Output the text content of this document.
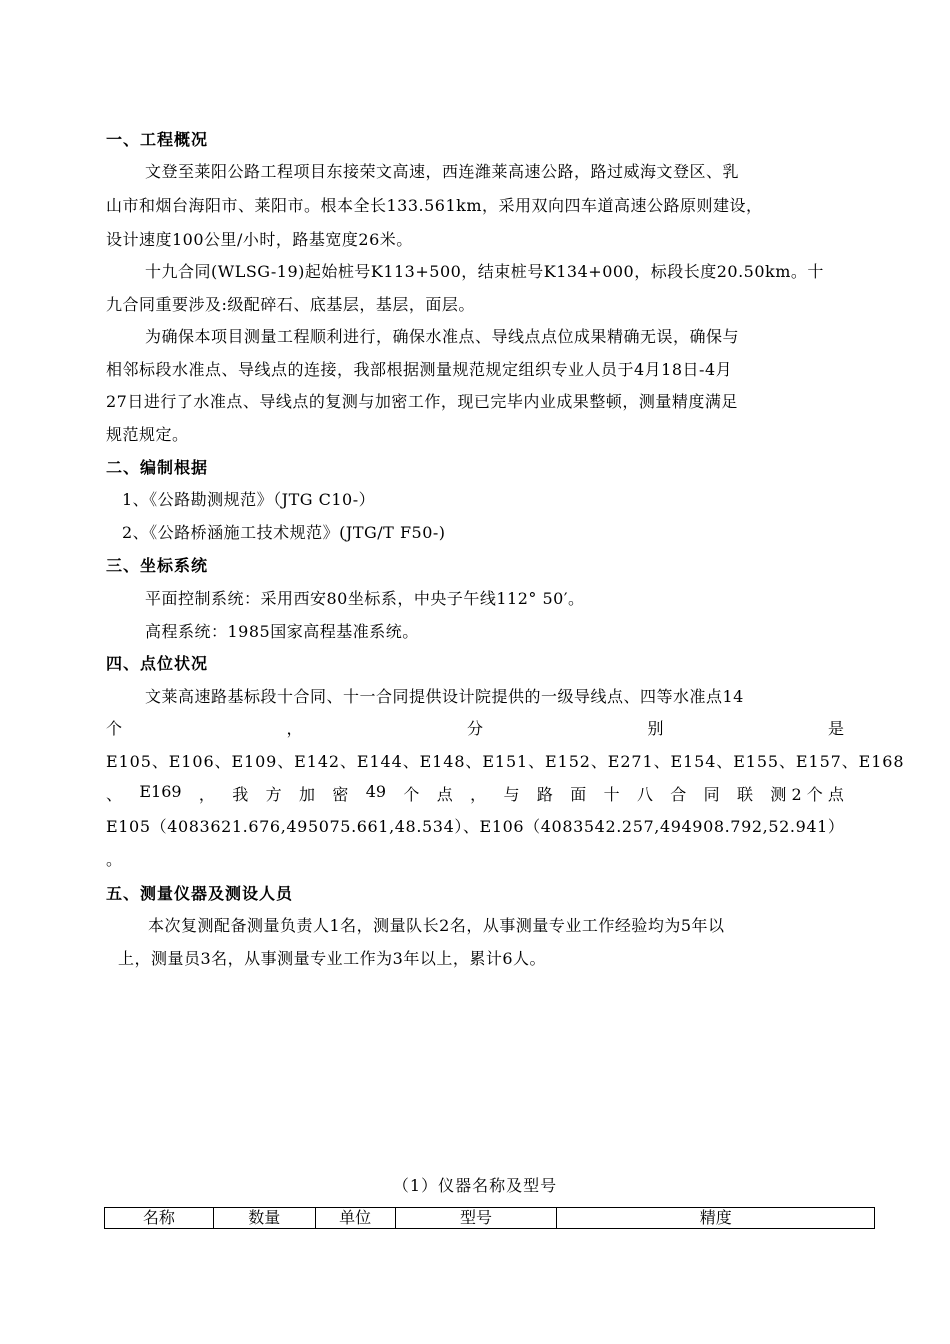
一、工程概况
文登至莱阳公路工程项目东接荣文高速，西连潍莱高速公路，路过威海文登区、乳
山市和烟台海阳市、莱阳市。根本全长133.561km，采用双向四车道高速公路原则建设，
设计速度100公里/小时，路基宽度26米。
十九合同(WLSG-19)起始桩号K113+500，结束桩号K134+000，标段长度20.50km。十
九合同重要涉及:级配碎石、底基层，基层，面层。
为确保本项目测量工程顺利进行，确保水准点、导线点点位成果精确无误，确保与
相邻标段水准点、导线点的连接，我部根据测量规范规定组织专业人员于4月18日-4月
27日进行了水准点、导线点的复测与加密工作，现已完毕内业成果整顿，测量精度满足
规范规定。
二、编制根据
1、《公路勘测规范》（JTG C10-）
2、《公路桥涵施工技术规范》(JTG/T F50-)
三、坐标系统
平面控制系统：采用西安80坐标系，中央子午线112° 50′。
高程系统：1985国家高程基准系统。
四、点位状况
文莱高速路基标段十合同、十一合同提供设计院提供的一级导线点、四等水准点14
个	，	分	别	是
E105、E106、E109、E142、E144、E148、E151、E152、E271、E154、E155、E157、E168
、 E169 ， 我 方 加 密 49 个 点 ， 与 路 面 十 八 合 同 联 测 2 个 点
E105（4083621.676,495075.661,48.534）、E106（4083542.257,494908.792,52.941）
。
五、测量仪器及测设人员
本次复测配备测量负责人1名，测量队长2名，从事测量专业工作经验均为5年以
上，测量员3名，从事测量专业工作为3年以上，累计6人。
（1）仪器名称及型号
名称	数量	单位	型号	精度
